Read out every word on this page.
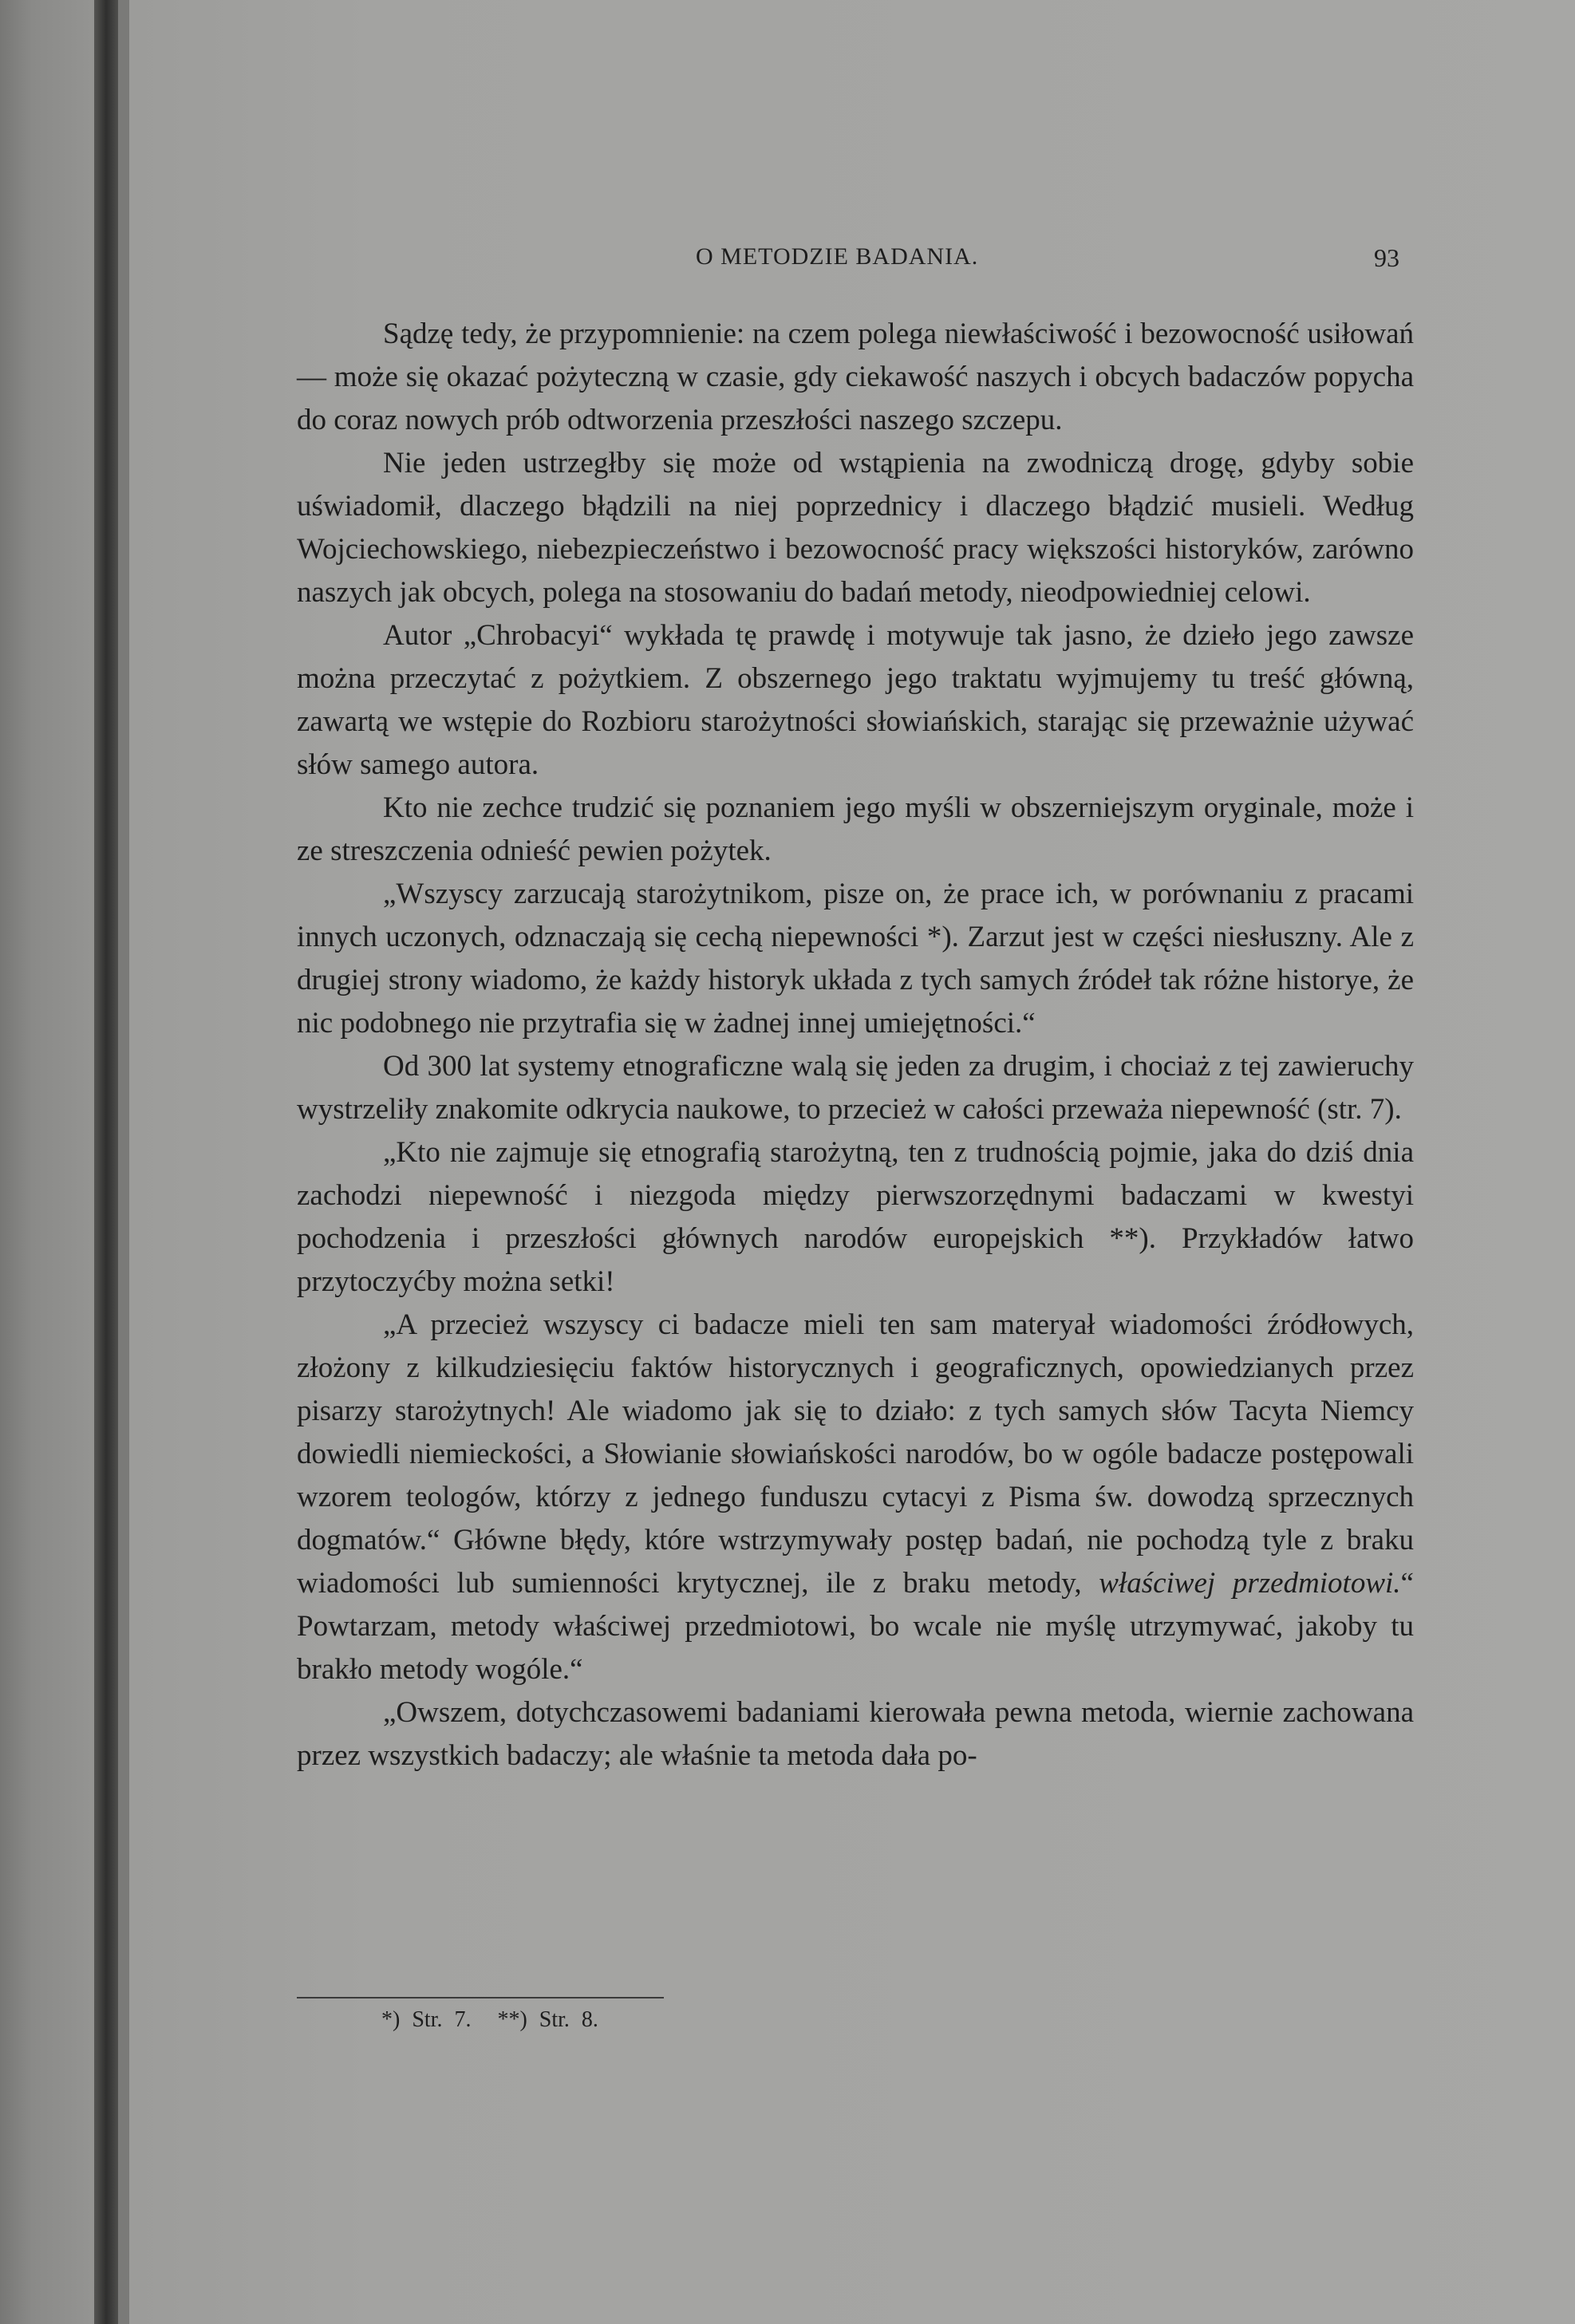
O METODZIE BADANIA.	93

Sądzę tedy, że przypomnienie: na czem polega niewłaściwość i bezowocność usiłowań — może się okazać pożyteczną w czasie, gdy ciekawość naszych i obcych badaczów popycha do coraz nowych prób odtworzenia przeszłości naszego szczepu.

Nie jeden ustrzegłby się może od wstąpienia na zwodniczą drogę, gdyby sobie uświadomił, dlaczego błądzili na niej poprzednicy i dlaczego błądzić musieli. Według Wojciechowskiego, niebezpieczeństwo i bezowocność pracy większości historyków, zarówno naszych jak obcych, polega na stosowaniu do badań metody, nieodpowiedniej celowi.

Autor „Chrobacyi“ wykłada tę prawdę i motywuje tak jasno, że dzieło jego zawsze można przeczytać z pożytkiem. Z obszernego jego traktatu wyjmujemy tu treść główną, zawartą we wstępie do Rozbioru starożytności słowiańskich, starając się przeważnie używać słów samego autora.

Kto nie zechce trudzić się poznaniem jego myśli w obszerniejszym oryginale, może i ze streszczenia odnieść pewien pożytek.

„Wszyscy zarzucają starożytnikom, pisze on, że prace ich, w porównaniu z pracami innych uczonych, odznaczają się cechą niepewności *). Zarzut jest w części niesłuszny. Ale z drugiej strony wiadomo, że każdy historyk układa z tych samych źródeł tak różne historye, że nic podobnego nie przytrafia się w żadnej innej umiejętności.“

Od 300 lat systemy etnograficzne walą się jeden za drugim, i chociaż z tej zawieruchy wystrzeliły znakomite odkrycia naukowe, to przecież w całości przeważa niepewność (str. 7).

„Kto nie zajmuje się etnografią starożytną, ten z trudnością pojmie, jaka do dziś dnia zachodzi niepewność i niezgoda między pierwszorzędnymi badaczami w kwestyi pochodzenia i przeszłości głównych narodów europejskich **). Przykładów łatwo przytoczyćby można setki!

„A przecież wszyscy ci badacze mieli ten sam materyał wiadomości źródłowych, złożony z kilkudziesięciu faktów historycznych i geograficznych, opowiedzianych przez pisarzy starożytnych! Ale wiadomo jak się to działo: z tych samych słów Tacyta Niemcy dowiedli niemieckości, a Słowianie słowiańskości narodów, bo w ogóle badacze postępowali wzorem teologów, którzy z jednego funduszu cytacyi z Pisma św. dowodzą sprzecznych dogmatów.“ Główne błędy, które wstrzymywały postęp badań, nie pochodzą tyle z braku wiadomości lub sumienności krytycznej, ile z braku metody, właściwej przedmiotowi.“ Powtarzam, metody właściwej przedmiotowi, bo wcale nie myślę utrzymywać, jakoby tu brakło metody wogóle.“

„Owszem, dotychczasowemi badaniami kierowała pewna metoda, wiernie zachowana przez wszystkich badaczy; ale właśnie ta metoda dała po-

*) Str. 7. **) Str. 8.
